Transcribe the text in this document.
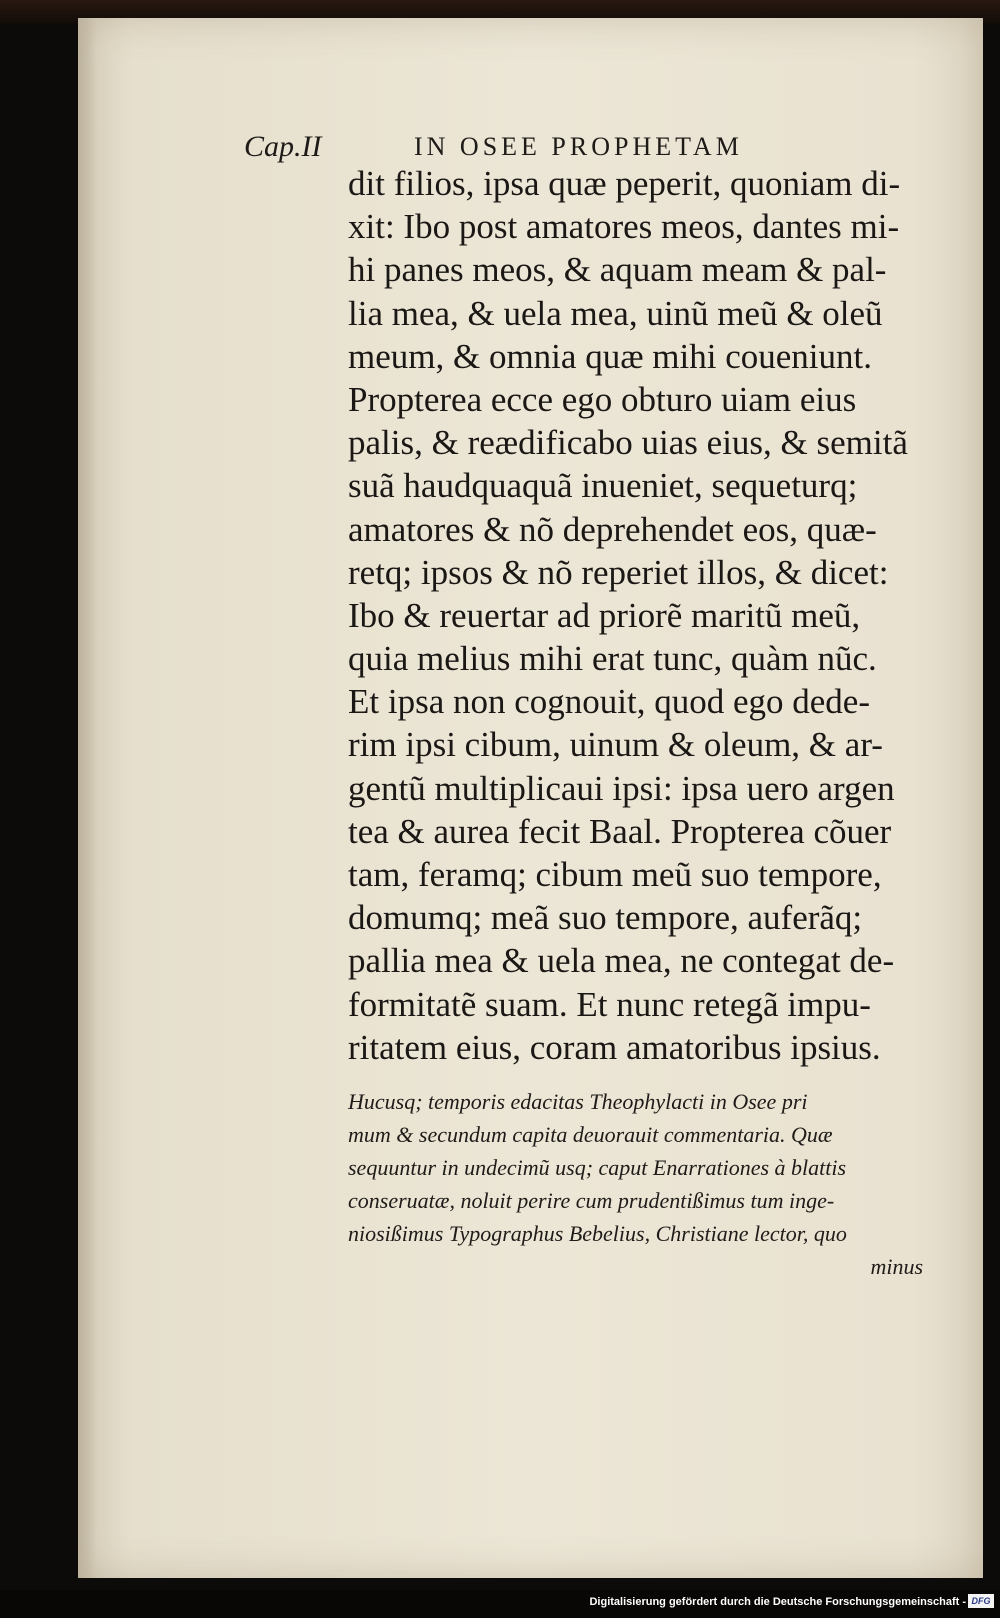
Cap.II	IN OSEE PROPHETAM
dit filios, ipsa quæ peperit, quoniam di-
xit: Ibo post amatores meos, dantes mi-
hi panes meos, & aquam meam & pal-
lia mea, & uela mea, uinũ meũ & oleũ
meum, & omnia quæ mihi coueniunt.
Propterea ecce ego obturo uiam eius
palis, & reædificabo uias eius, & semitã
suã haudquaquã inueniet, sequeturq;
amatores & nõ deprehendet eos, quæ-
retq; ipsos & nõ reperiet illos, & dicet:
Ibo & reuertar ad priorẽ maritũ meũ,
quia melius mihi erat tunc, quàm nũc.
Et ipsa non cognouit, quod ego dede-
rim ipsi cibum, uinum & oleum, & ar-
gentũ multiplicaui ipsi: ipsa uero argen
tea & aurea fecit Baal. Propterea cõuer
tam, feramq; cibum meũ suo tempore,
domumq; meã suo tempore, auferãq;
pallia mea & uela mea, ne contegat de-
formitatẽ suam. Et nunc retegã impu-
ritatem eius, coram amatoribus ipsius.
Hucusq; temporis edacitas Theophylacti in Osee pri
mum & secundum capita deuorauit commentaria. Quæ
sequuntur in undecimũ usq; caput Enarrationes à blattis
conseruatæ, noluit perire cum prudentißimus tum inge-
niosißimus Typographus Bebelius, Christiane lector, quo
minus
Digitalisierung gefördert durch die Deutsche Forschungsgemeinschaft - DFG
